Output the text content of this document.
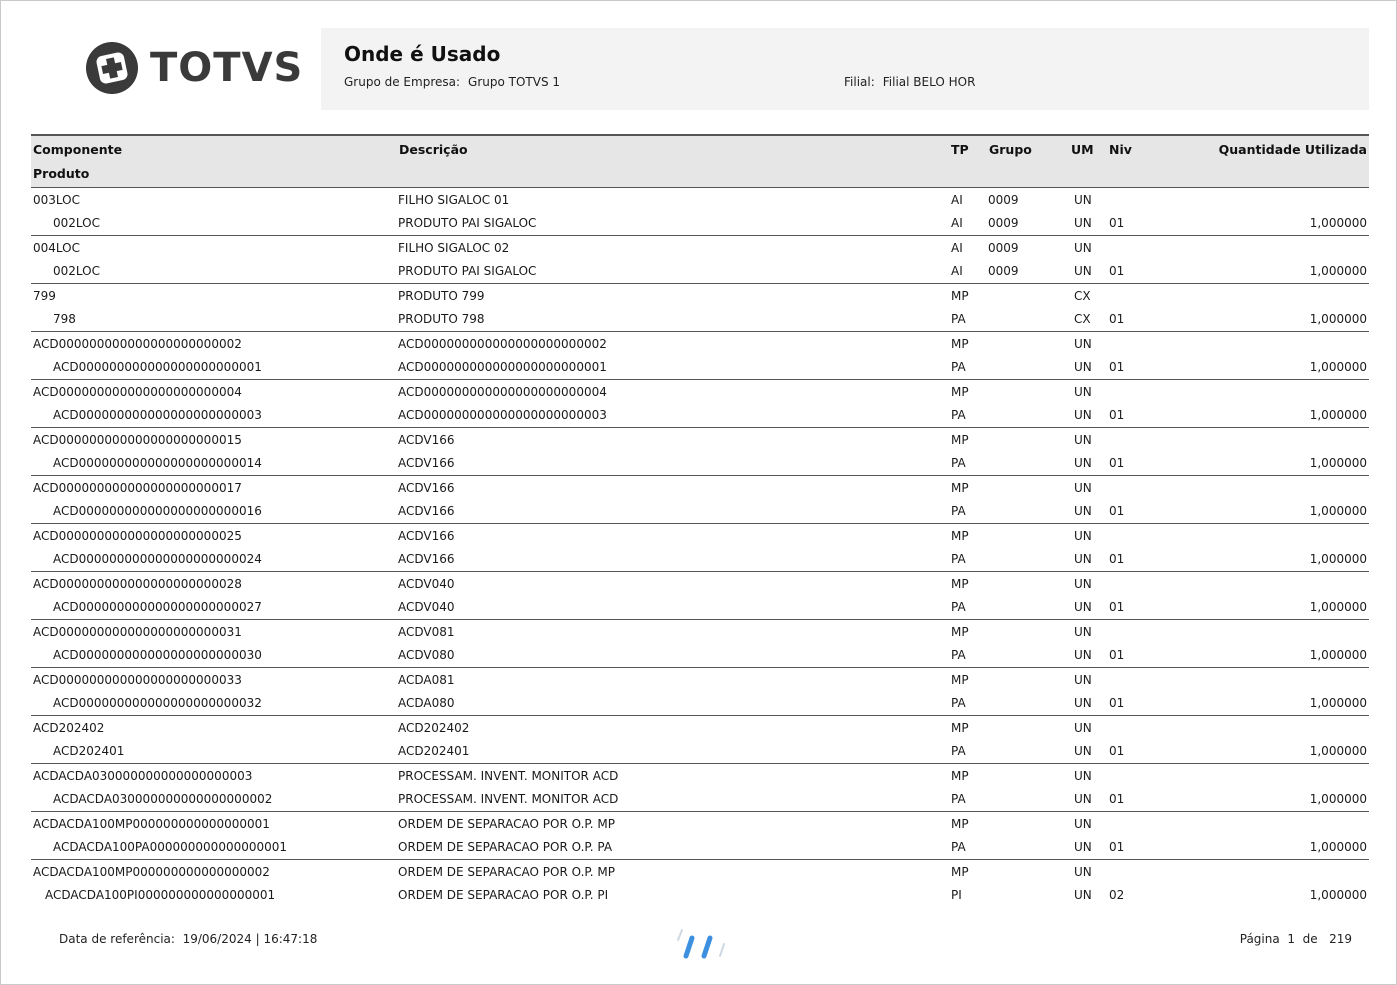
TOTVS Onde é Usado
Grupo de Empresa: Grupo TOTVS 1	Filial: Filial BELO HOR
Componente	Descrição	TP Grupo	UM Niv	Quantidade Utilizada
Produto
003LOC	FILHO SIGALOC 01	AI 0009	UN
002LOC	PRODUTO PAI SIGALOC	AI 0009	UN 01	1,000000
004LOC	FILHO SIGALOC 02	AI 0009	UN
002LOC	PRODUTO PAI SIGALOC	AI 0009	UN 01	1,000000
799	PRODUTO 799	MP	CX
798	PRODUTO 798	PA	CX 01	1,000000
ACD000000000000000000000002	ACD000000000000000000000002	MP	UN
ACD000000000000000000000001	ACD000000000000000000000001	PA	UN 01	1,000000
ACD000000000000000000000004	ACD000000000000000000000004	MP	UN
ACD000000000000000000000003	ACD000000000000000000000003	PA	UN 01	1,000000
ACD000000000000000000000015	ACDV166	MP	UN
ACD000000000000000000000014	ACDV166	PA	UN 01	1,000000
ACD000000000000000000000017	ACDV166	MP	UN
ACD000000000000000000000016	ACDV166	PA	UN 01	1,000000
ACD000000000000000000000025	ACDV166	MP	UN
ACD000000000000000000000024	ACDV166	PA	UN 01	1,000000
ACD000000000000000000000028	ACDV040	MP	UN
ACD000000000000000000000027	ACDV040	PA	UN 01	1,000000
ACD000000000000000000000031	ACDV081	MP	UN
ACD000000000000000000000030	ACDV080	PA	UN 01	1,000000
ACD000000000000000000000033	ACDA081	MP	UN
ACD000000000000000000000032	ACDA080	PA	UN 01	1,000000
ACD202402	ACD202402	MP	UN
ACD202401	ACD202401	PA	UN 01	1,000000
ACDACDA030000000000000000003	PROCESSAM. INVENT. MONITOR ACD	MP	UN
ACDACDA030000000000000000002	PROCESSAM. INVENT. MONITOR ACD	PA	UN 01	1,000000
ACDACDA100MP000000000000000001	ORDEM DE SEPARACAO POR O.P. MP	MP	UN
ACDACDA100PA000000000000000001	ORDEM DE SEPARACAO POR O.P. PA	PA	UN 01	1,000000
ACDACDA100MP000000000000000002	ORDEM DE SEPARACAO POR O.P. MP	MP	UN
ACDACDA100PI000000000000000001	ORDEM DE SEPARACAO POR O.P. PI	PI	UN 02	1,000000
Data de referência: 19/06/2024 | 16:47:18	Página 1 de 219
